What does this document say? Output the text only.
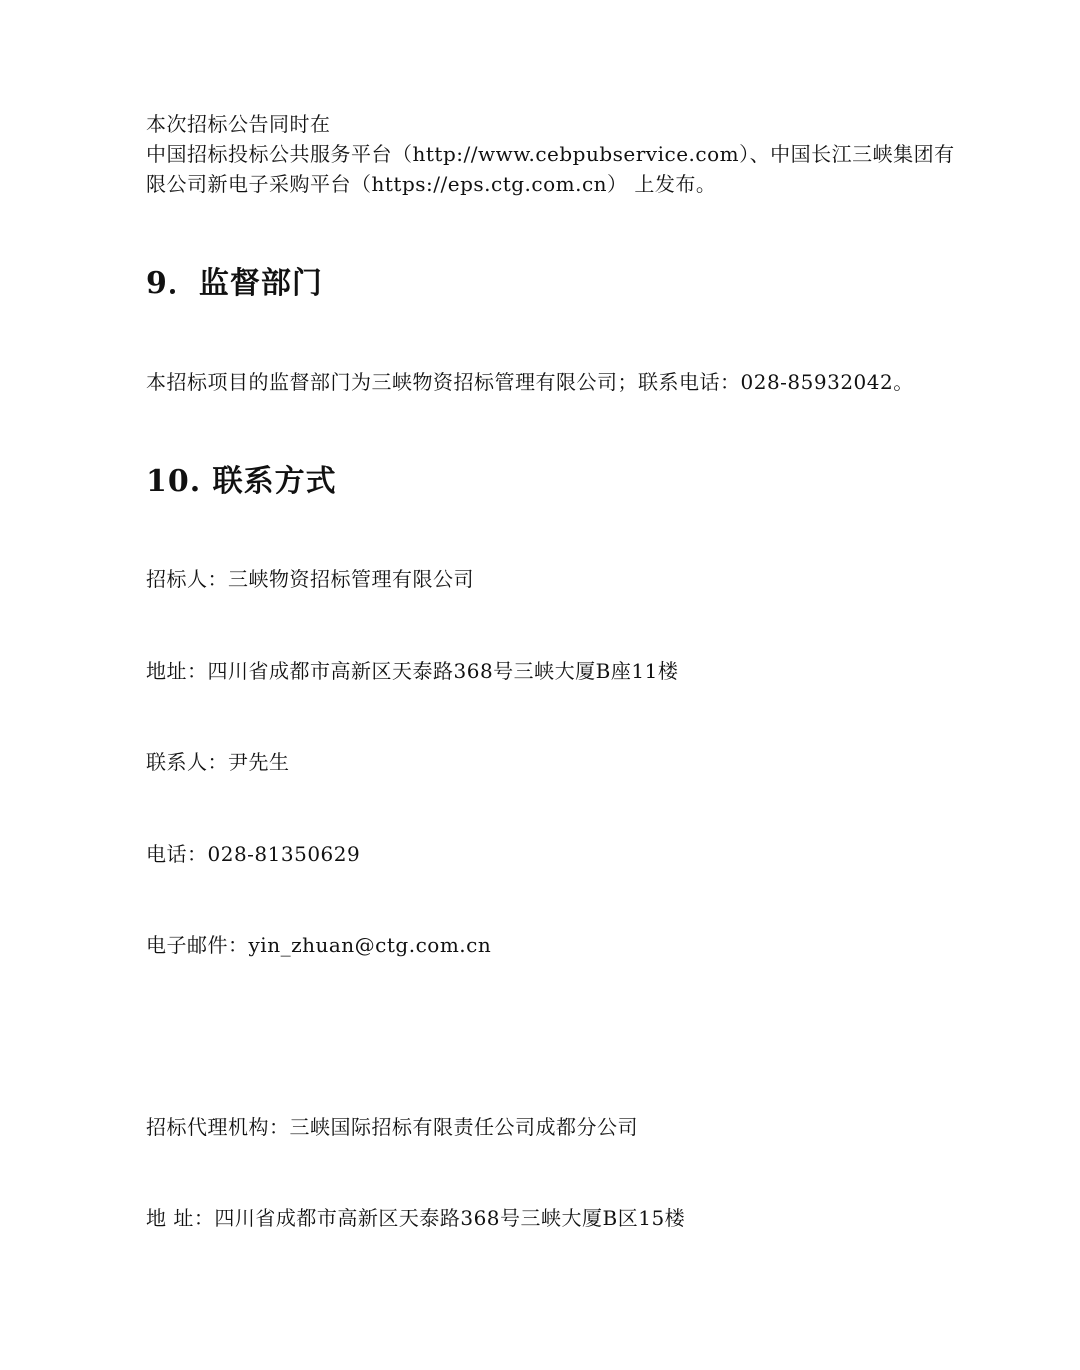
本次招标公告同时在
中国招标投标公共服务平台（http://www.cebpubservice.com）、中国长江三峡集团有
限公司新电子采购平台（https://eps.ctg.com.cn） 上发布。
9．监督部门
本招标项目的监督部门为三峡物资招标管理有限公司；联系电话：028-85932042。
10. 联系方式
招标人：三峡物资招标管理有限公司
地址：四川省成都市高新区天泰路368号三峡大厦B座11楼
联系人：尹先生
电话：028-81350629
电子邮件：yin_zhuan@ctg.com.cn
招标代理机构：三峡国际招标有限责任公司成都分公司
地 址：四川省成都市高新区天泰路368号三峡大厦B区15楼
